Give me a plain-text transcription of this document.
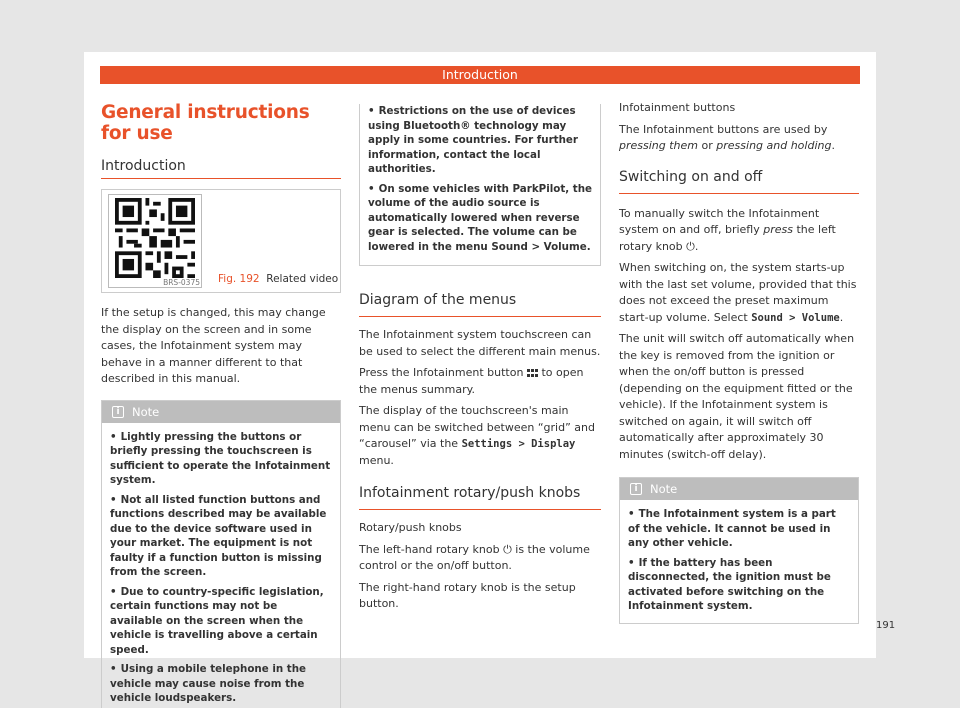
Introduction
General instructions for use
Introduction
BRS-0375 Fig. 192 Related video

If the setup is changed, this may change the display on the screen and in some cases, the Infotainment system may behave in a manner different to that described in this manual.

i	Note
• Lightly pressing the buttons or briefly pressing the touchscreen is sufficient to operate the Infotainment system.
• Not all listed function buttons and functions described may be available due to the device software used in your market. The equipment is not faulty if a function button is missing from the screen.
• Due to country-specific legislation, certain functions may not be available on the screen when the vehicle is travelling above a certain speed.
• Using a mobile telephone in the vehicle may cause noise from the vehicle loudspeakers.
• Restrictions on the use of devices using Bluetooth® technology may apply in some countries. For further information, contact the local authorities.
• On some vehicles with ParkPilot, the volume of the audio source is automatically lowered when reverse gear is selected. The volume can be lowered in the menu Sound > Volume.
Diagram of the menus

The Infotainment system touchscreen can be used to select the different main menus.

Press the Infotainment button to open the menus summary.

The display of the touchscreen's main menu can be switched between “grid” and “carousel” via the Settings > Display menu.

Infotainment rotary/push knobs

Rotary/push knobs

The left-hand rotary knob ⏻ is the volume control or the on/off button.

The right-hand rotary knob is the setup button.

Infotainment buttons

The Infotainment buttons are used by pressing them or pressing and holding.

Switching on and off

To manually switch the Infotainment system on and off, briefly press the left rotary knob ⏻.

When switching on, the system starts-up with the last set volume, provided that this does not exceed the preset maximum start-up volume. Select Sound > Volume.

The unit will switch off automatically when the key is removed from the ignition or when the on/off button is pressed (depending on the equipment fitted or the vehicle). If the Infotainment system is switched on again, it will switch off automatically after approximately 30 minutes (switch-off delay).

i	Note
• The Infotainment system is a part of the vehicle. It cannot be used in any other vehicle.
• If the battery has been disconnected, the ignition must be activated before switching on the Infotainment system.
191
